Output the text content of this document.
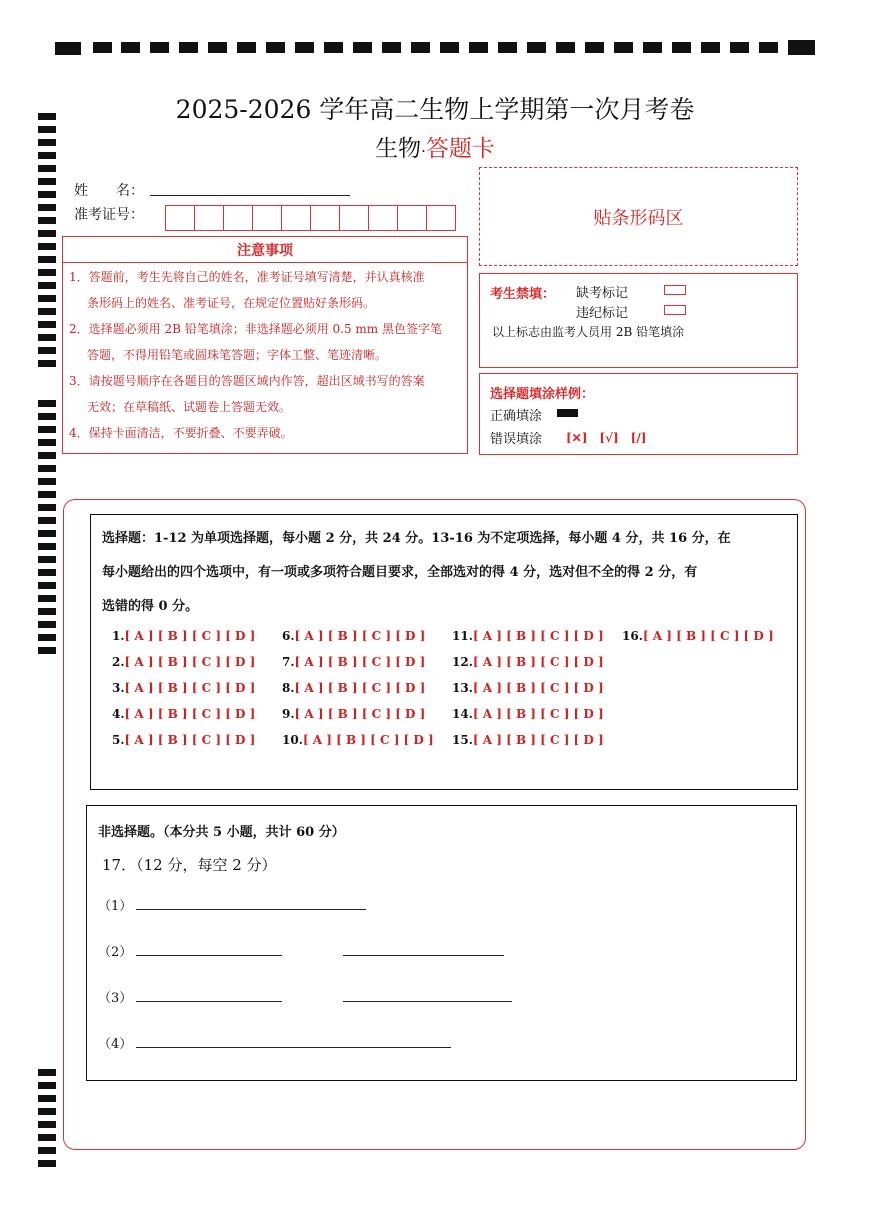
2025-2026 学年高二生物上学期第一次月考卷
生物·答题卡
姓　　名：
准考证号：	贴条形码区
注意事项
1．答题前，考生先将自己的姓名，准考证号填写清楚，并认真核准
条形码上的姓名、准考证号，在规定位置贴好条形码。
2．选择题必须用 2B 铅笔填涂；非选择题必须用 0.5 mm 黑色签字笔
答题，不得用铅笔或圆珠笔答题；字体工整、笔迹清晰。
3．请按题号顺序在各题目的答题区域内作答，超出区域书写的答案
无效；在草稿纸、试题卷上答题无效。
4．保持卡面清洁，不要折叠、不要弄破。
考生禁填： 缺考标记
违纪标记
以上标志由监考人员用 2B 铅笔填涂
选择题填涂样例：
正确填涂
错误填涂 [✕]　[√]　[/]
选择题：1-12 为单项选择题，每小题 2 分，共 24 分。13-16 为不定项选择，每小题 4 分，共 16 分，在
每小题给出的四个选项中，有一项或多项符合题目要求，全部选对的得 4 分，选对但不全的得 2 分，有
选错的得 0 分。
1.[ A ] [ B ] [ C ] [ D ]
2.[ A ] [ B ] [ C ] [ D ]
3.[ A ] [ B ] [ C ] [ D ]
4.[ A ] [ B ] [ C ] [ D ]
5.[ A ] [ B ] [ C ] [ D ]
6.[ A ] [ B ] [ C ] [ D ]
7.[ A ] [ B ] [ C ] [ D ]
8.[ A ] [ B ] [ C ] [ D ]
9.[ A ] [ B ] [ C ] [ D ]
10.[ A ] [ B ] [ C ] [ D ]
11.[ A ] [ B ] [ C ] [ D ]
12.[ A ] [ B ] [ C ] [ D ]
13.[ A ] [ B ] [ C ] [ D ]
14.[ A ] [ B ] [ C ] [ D ]
15.[ A ] [ B ] [ C ] [ D ]
16.[ A ] [ B ] [ C ] [ D ]
非选择题。（本分共 5 小题，共计 60 分）
17．（12 分，每空 2 分）
（1）
（2）
（3）
（4）
